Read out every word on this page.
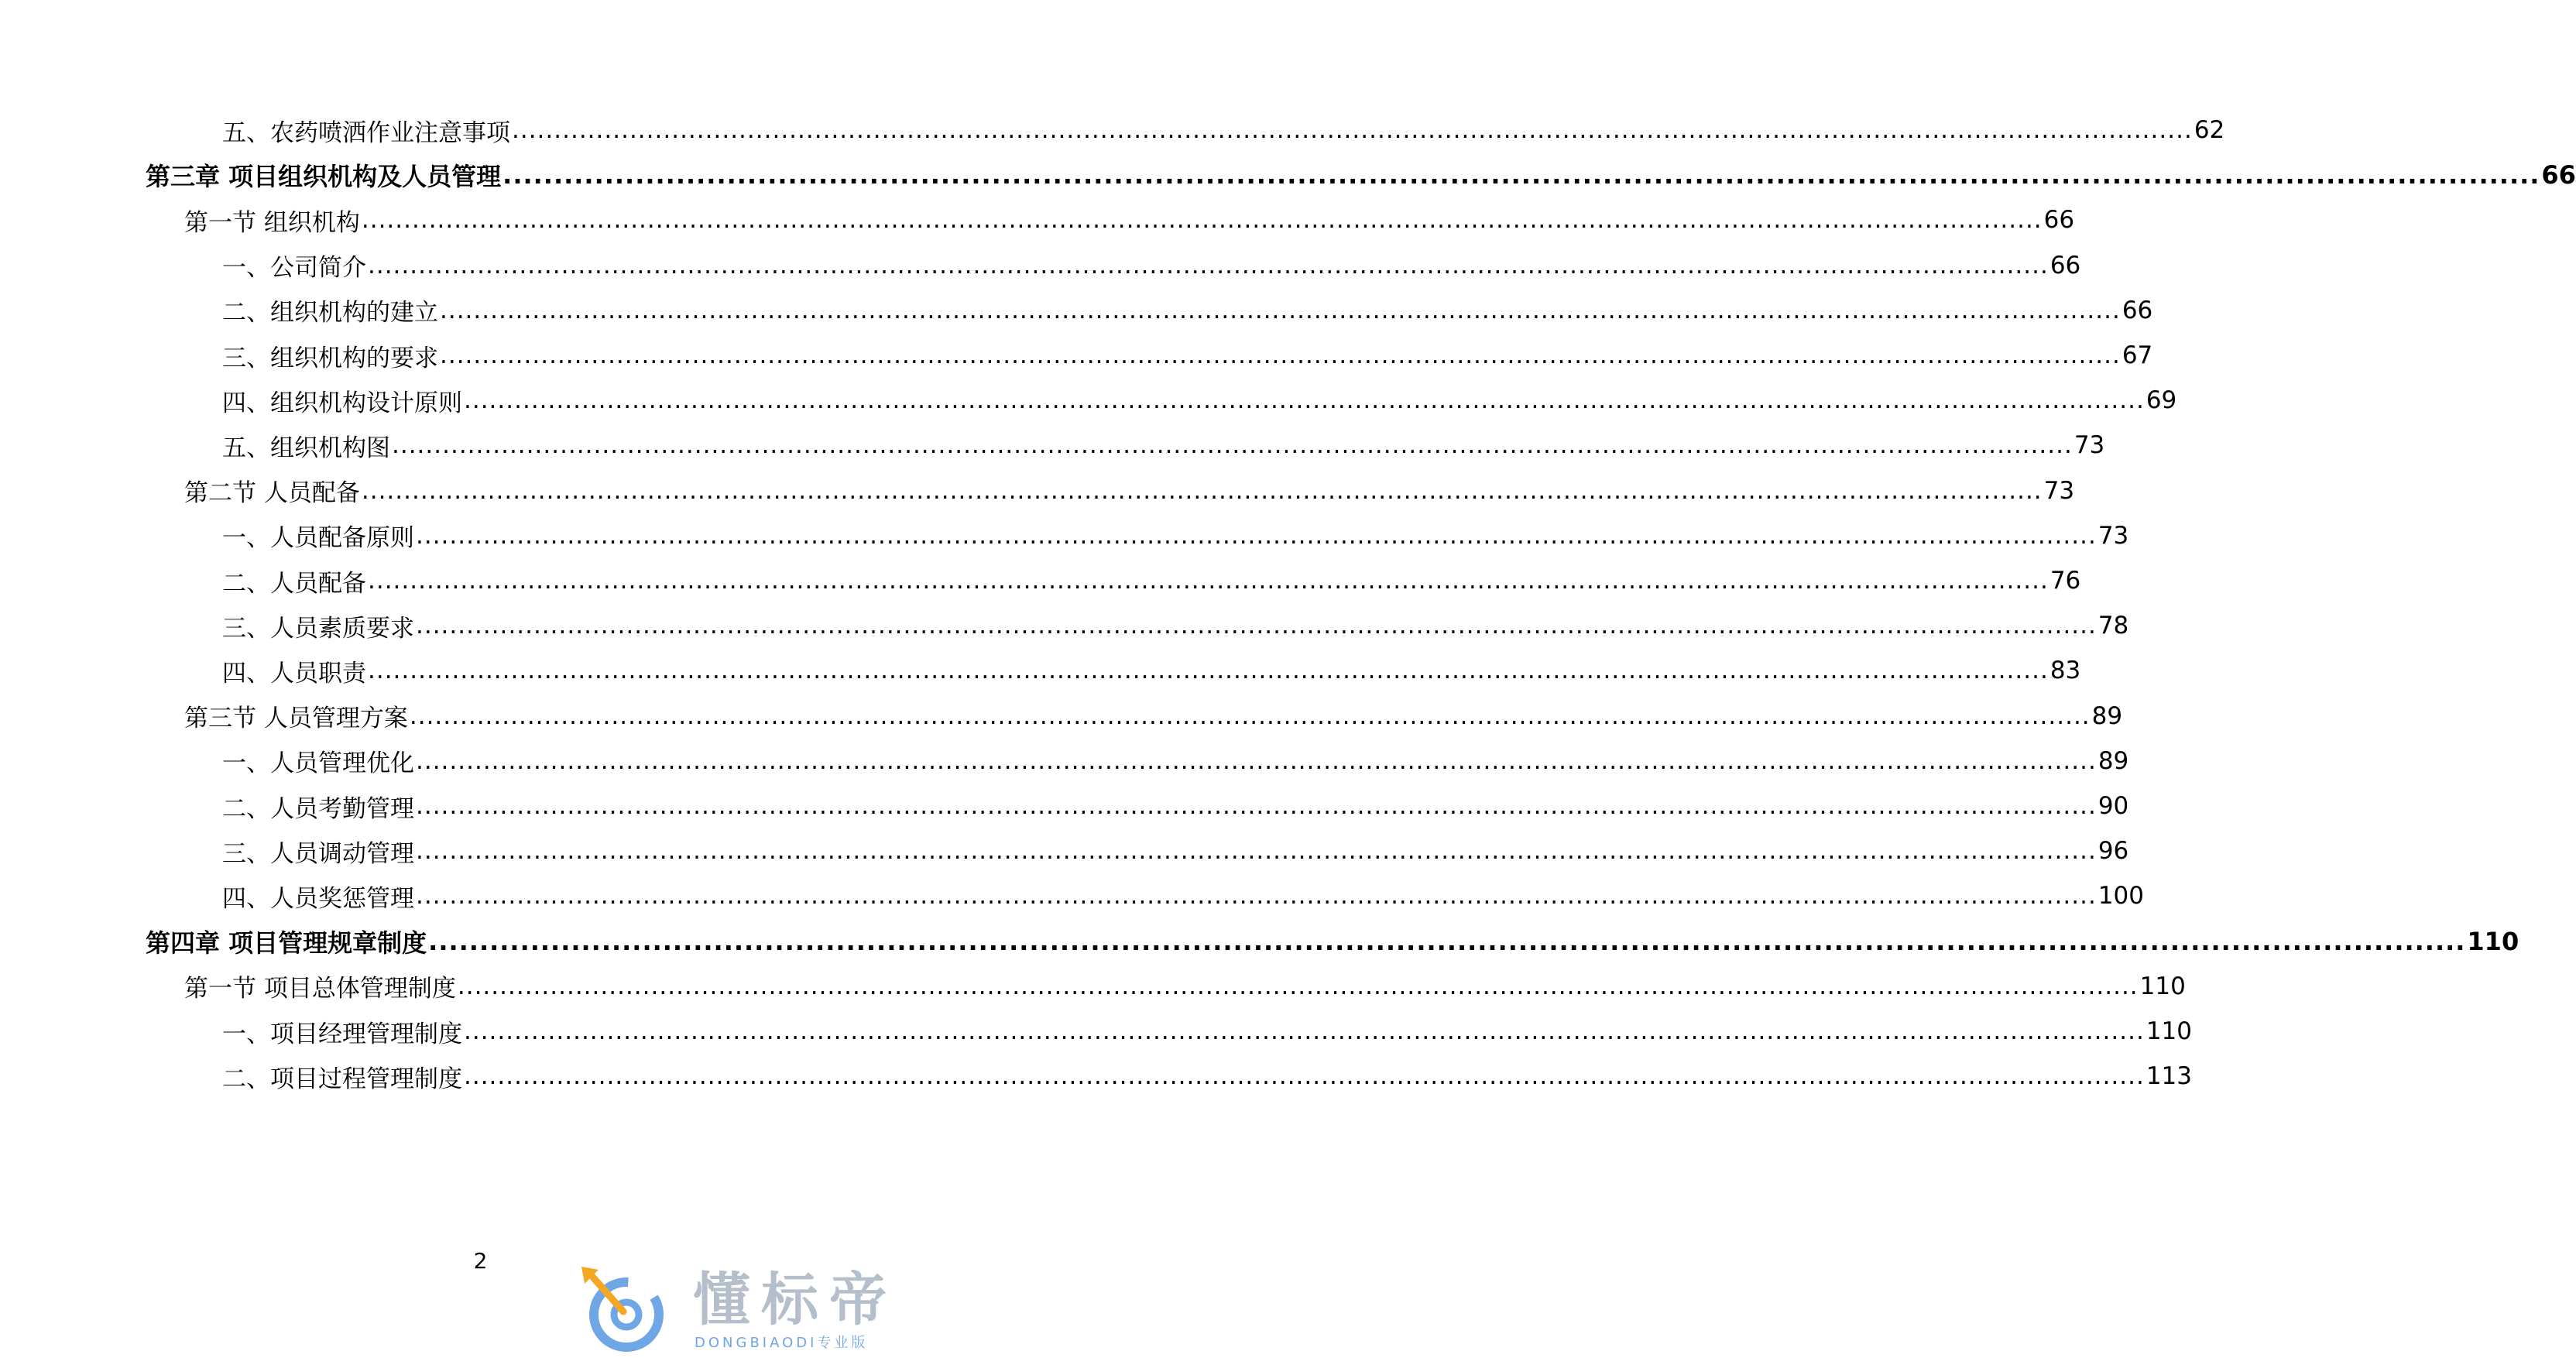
五、农药喷洒作业注意事项 ........................................................................................................................................................................................................ 62
第三章 项目组织机构及人员管理 ........................................................................................................................................................................................................ 66
第一节 组织机构 ........................................................................................................................................................................................................ 66
一、公司简介 ........................................................................................................................................................................................................ 66
二、组织机构的建立 ........................................................................................................................................................................................................ 66
三、组织机构的要求 ........................................................................................................................................................................................................ 67
四、组织机构设计原则 ........................................................................................................................................................................................................ 69
五、组织机构图 ........................................................................................................................................................................................................ 73
第二节 人员配备 ........................................................................................................................................................................................................ 73
一、人员配备原则 ........................................................................................................................................................................................................ 73
二、人员配备 ........................................................................................................................................................................................................ 76
三、人员素质要求 ........................................................................................................................................................................................................ 78
四、人员职责 ........................................................................................................................................................................................................ 83
第三节 人员管理方案 ........................................................................................................................................................................................................ 89
一、人员管理优化 ........................................................................................................................................................................................................ 89
二、人员考勤管理 ........................................................................................................................................................................................................ 90
三、人员调动管理 ........................................................................................................................................................................................................ 96
四、人员奖惩管理 ........................................................................................................................................................................................................ 100
第四章 项目管理规章制度 ........................................................................................................................................................................................................ 110
第一节 项目总体管理制度 ........................................................................................................................................................................................................ 110
一、项目经理管理制度 ........................................................................................................................................................................................................ 110
二、项目过程管理制度 ........................................................................................................................................................................................................ 113
2
懂标帝
DONGBIAODI专业版
